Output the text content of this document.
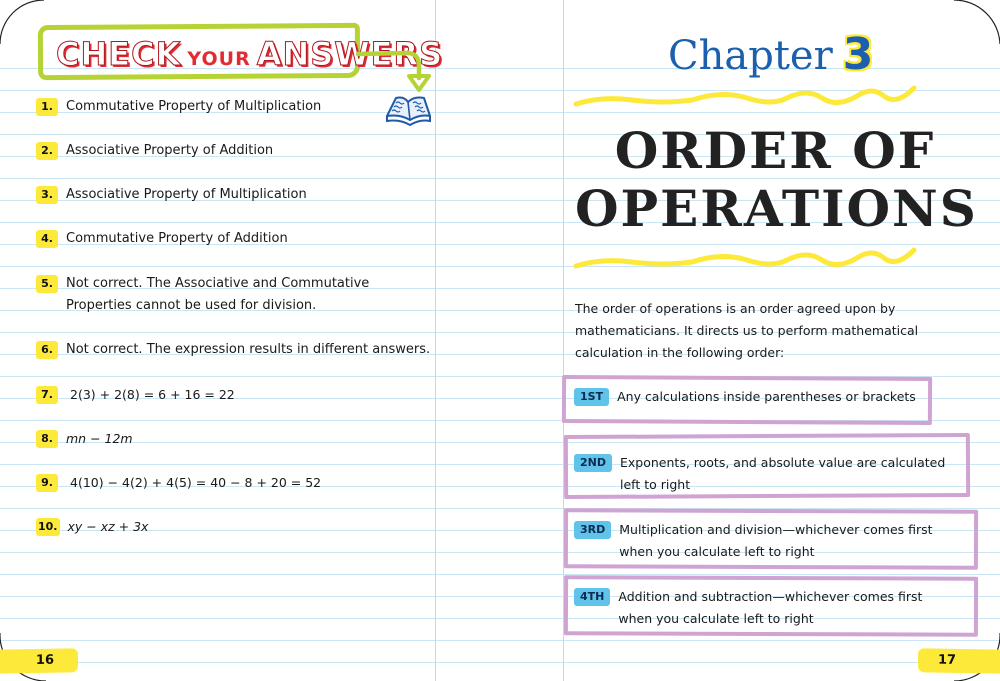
CHECK YOUR ANSWERS
1.	Commutative Property of Multiplication
2.	Associative Property of Addition
3.	Associative Property of Multiplication
4.	Commutative Property of Addition
5.	Not correct. The Associative and Commutative Properties cannot be used for division.
6.	Not correct. The expression results in different answers.
7.	2(3) + 2(8) = 6 + 16 = 22
8.	mn − 12m
9.	4(10) − 4(2) + 4(5) = 40 − 8 + 20 = 52
10. xy − xz + 3x
16
Chapter 3
ORDER OF
OPERATIONS
The order of operations is an order agreed upon by mathematicians. It directs us to perform mathematical calculation in the following order:
1ST	Any calculations inside parentheses or brackets
2ND	Exponents, roots, and absolute value are calculated
left to right
3RD	Multiplication and division—whichever comes first
when you calculate left to right
4TH	Addition and subtraction—whichever comes first
when you calculate left to right
17
